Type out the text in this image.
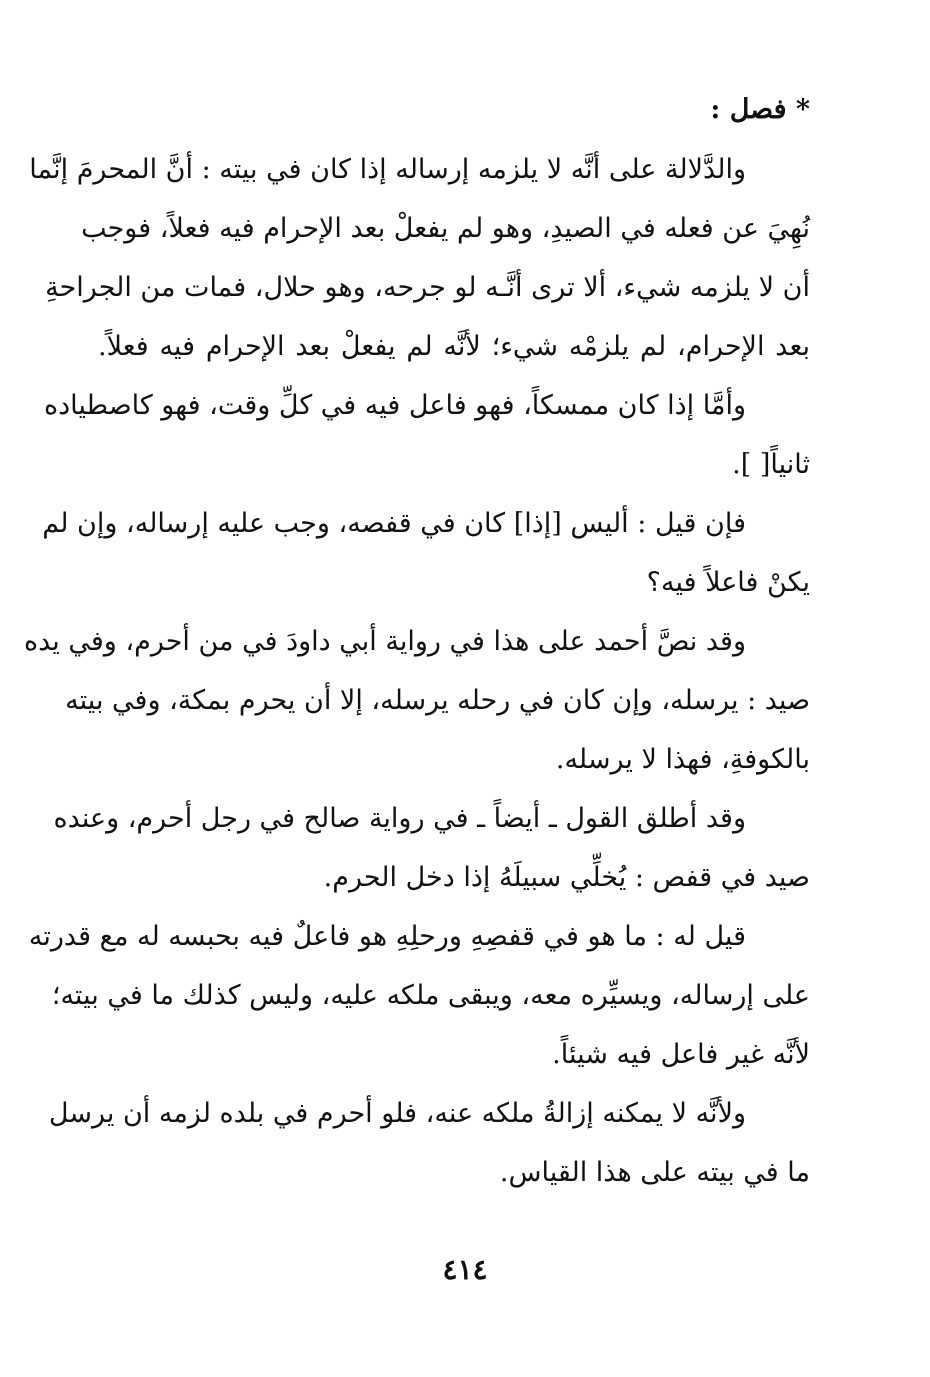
* فصل :
والدَّلالة على أنَّه لا يلزمه إرساله إذا كان في بيته : أنَّ المحرمَ إنَّما
نُهِيَ عن فعله في الصيدِ، وهو لم يفعلْ بعد الإحرام فيه فعلاً، فوجب
أن لا يلزمه شيء، ألا ترى أنَّـه لو جرحه، وهو حلال، فمات من الجراحةِ
بعد الإحرام، لم يلزمْه شيء؛ لأنَّه لم يفعلْ بعد الإحرام فيه فعلاً.
وأمَّا إذا كان ممسكاً، فهو فاعل فيه في كلِّ وقت، فهو كاصطياده
ثانياً[ ].
فإن قيل : أليس [إذا] كان في قفصه، وجب عليه إرساله، وإن لم
يكنْ فاعلاً فيه؟
وقد نصَّ أحمد على هذا في رواية أبي داودَ في من أحرم، وفي يده
صيد : يرسله، وإن كان في رحله يرسله، إلا أن يحرم بمكة، وفي بيته
بالكوفةِ، فهذا لا يرسله.
وقد أطلق القول ـ أيضاً ـ في رواية صالح في رجل أحرم، وعنده
صيد في قفص : يُخلِّي سبيلَهُ إذا دخل الحرم.
قيل له : ما هو في قفصِهِ ورحلِهِ هو فاعلٌ فيه بحبسه له مع قدرته
على إرساله، ويسيِّره معه، ويبقى ملكه عليه، وليس كذلك ما في بيته؛
لأنَّه غير فاعل فيه شيئاً.
ولأنَّه لا يمكنه إزالةُ ملكه عنه، فلو أحرم في بلده لزمه أن يرسل
ما في بيته على هذا القياس.
٤١٤
